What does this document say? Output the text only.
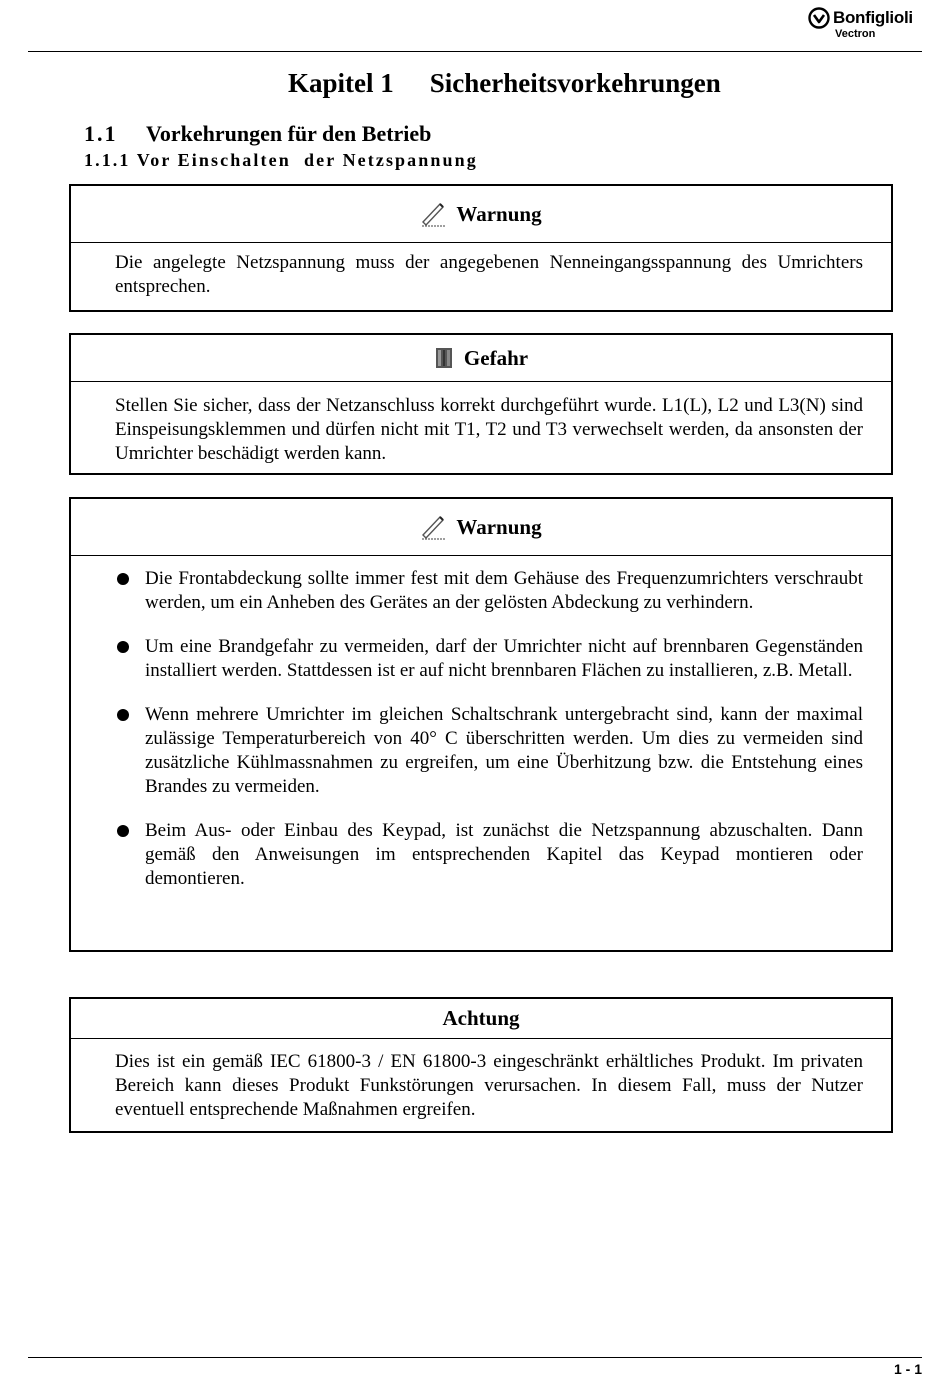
Bonfiglioli
Vectron
Kapitel 1 Sicherheitsvorkehrungen
1.1 Vorkehrungen für den Betrieb
1.1.1 Vor Einschalten  der Netzspannung
Warnung
Die angelegte Netzspannung muss der angegebenen Nenneingangsspannung des Umrichters entsprechen.
Gefahr
Stellen Sie sicher, dass der Netzanschluss korrekt durchgeführt wurde. L1(L), L2 und L3(N) sind Einspeisungsklemmen und dürfen nicht mit T1, T2 und T3 verwechselt werden, da ansonsten der Umrichter beschädigt werden kann.
Warnung
Die Frontabdeckung sollte immer fest mit dem Gehäuse des Frequenzumrichters verschraubt werden, um ein Anheben des Gerätes an der gelösten Abdeckung zu verhindern.
Um eine Brandgefahr zu vermeiden, darf der Umrichter nicht auf brennbaren Gegenständen installiert werden. Stattdessen ist er auf nicht brennbaren Flächen zu installieren, z.B. Metall.
Wenn mehrere Umrichter im gleichen Schaltschrank untergebracht sind, kann der maximal zulässige Temperaturbereich von 40° C überschritten werden. Um dies zu vermeiden sind zusätzliche Kühlmassnahmen zu ergreifen, um eine Überhitzung bzw. die Entstehung eines Brandes zu vermeiden.
Beim Aus- oder Einbau des Keypad, ist zunächst die Netzspannung abzuschalten. Dann gemäß den Anweisungen im entsprechenden Kapitel das Keypad montieren oder demontieren.
Achtung
Dies ist ein gemäß IEC 61800-3 / EN 61800-3 eingeschränkt erhältliches Produkt. Im privaten Bereich kann dieses Produkt Funkstörungen verursachen. In diesem Fall, muss der Nutzer eventuell entsprechende Maßnahmen ergreifen.
1 - 1
